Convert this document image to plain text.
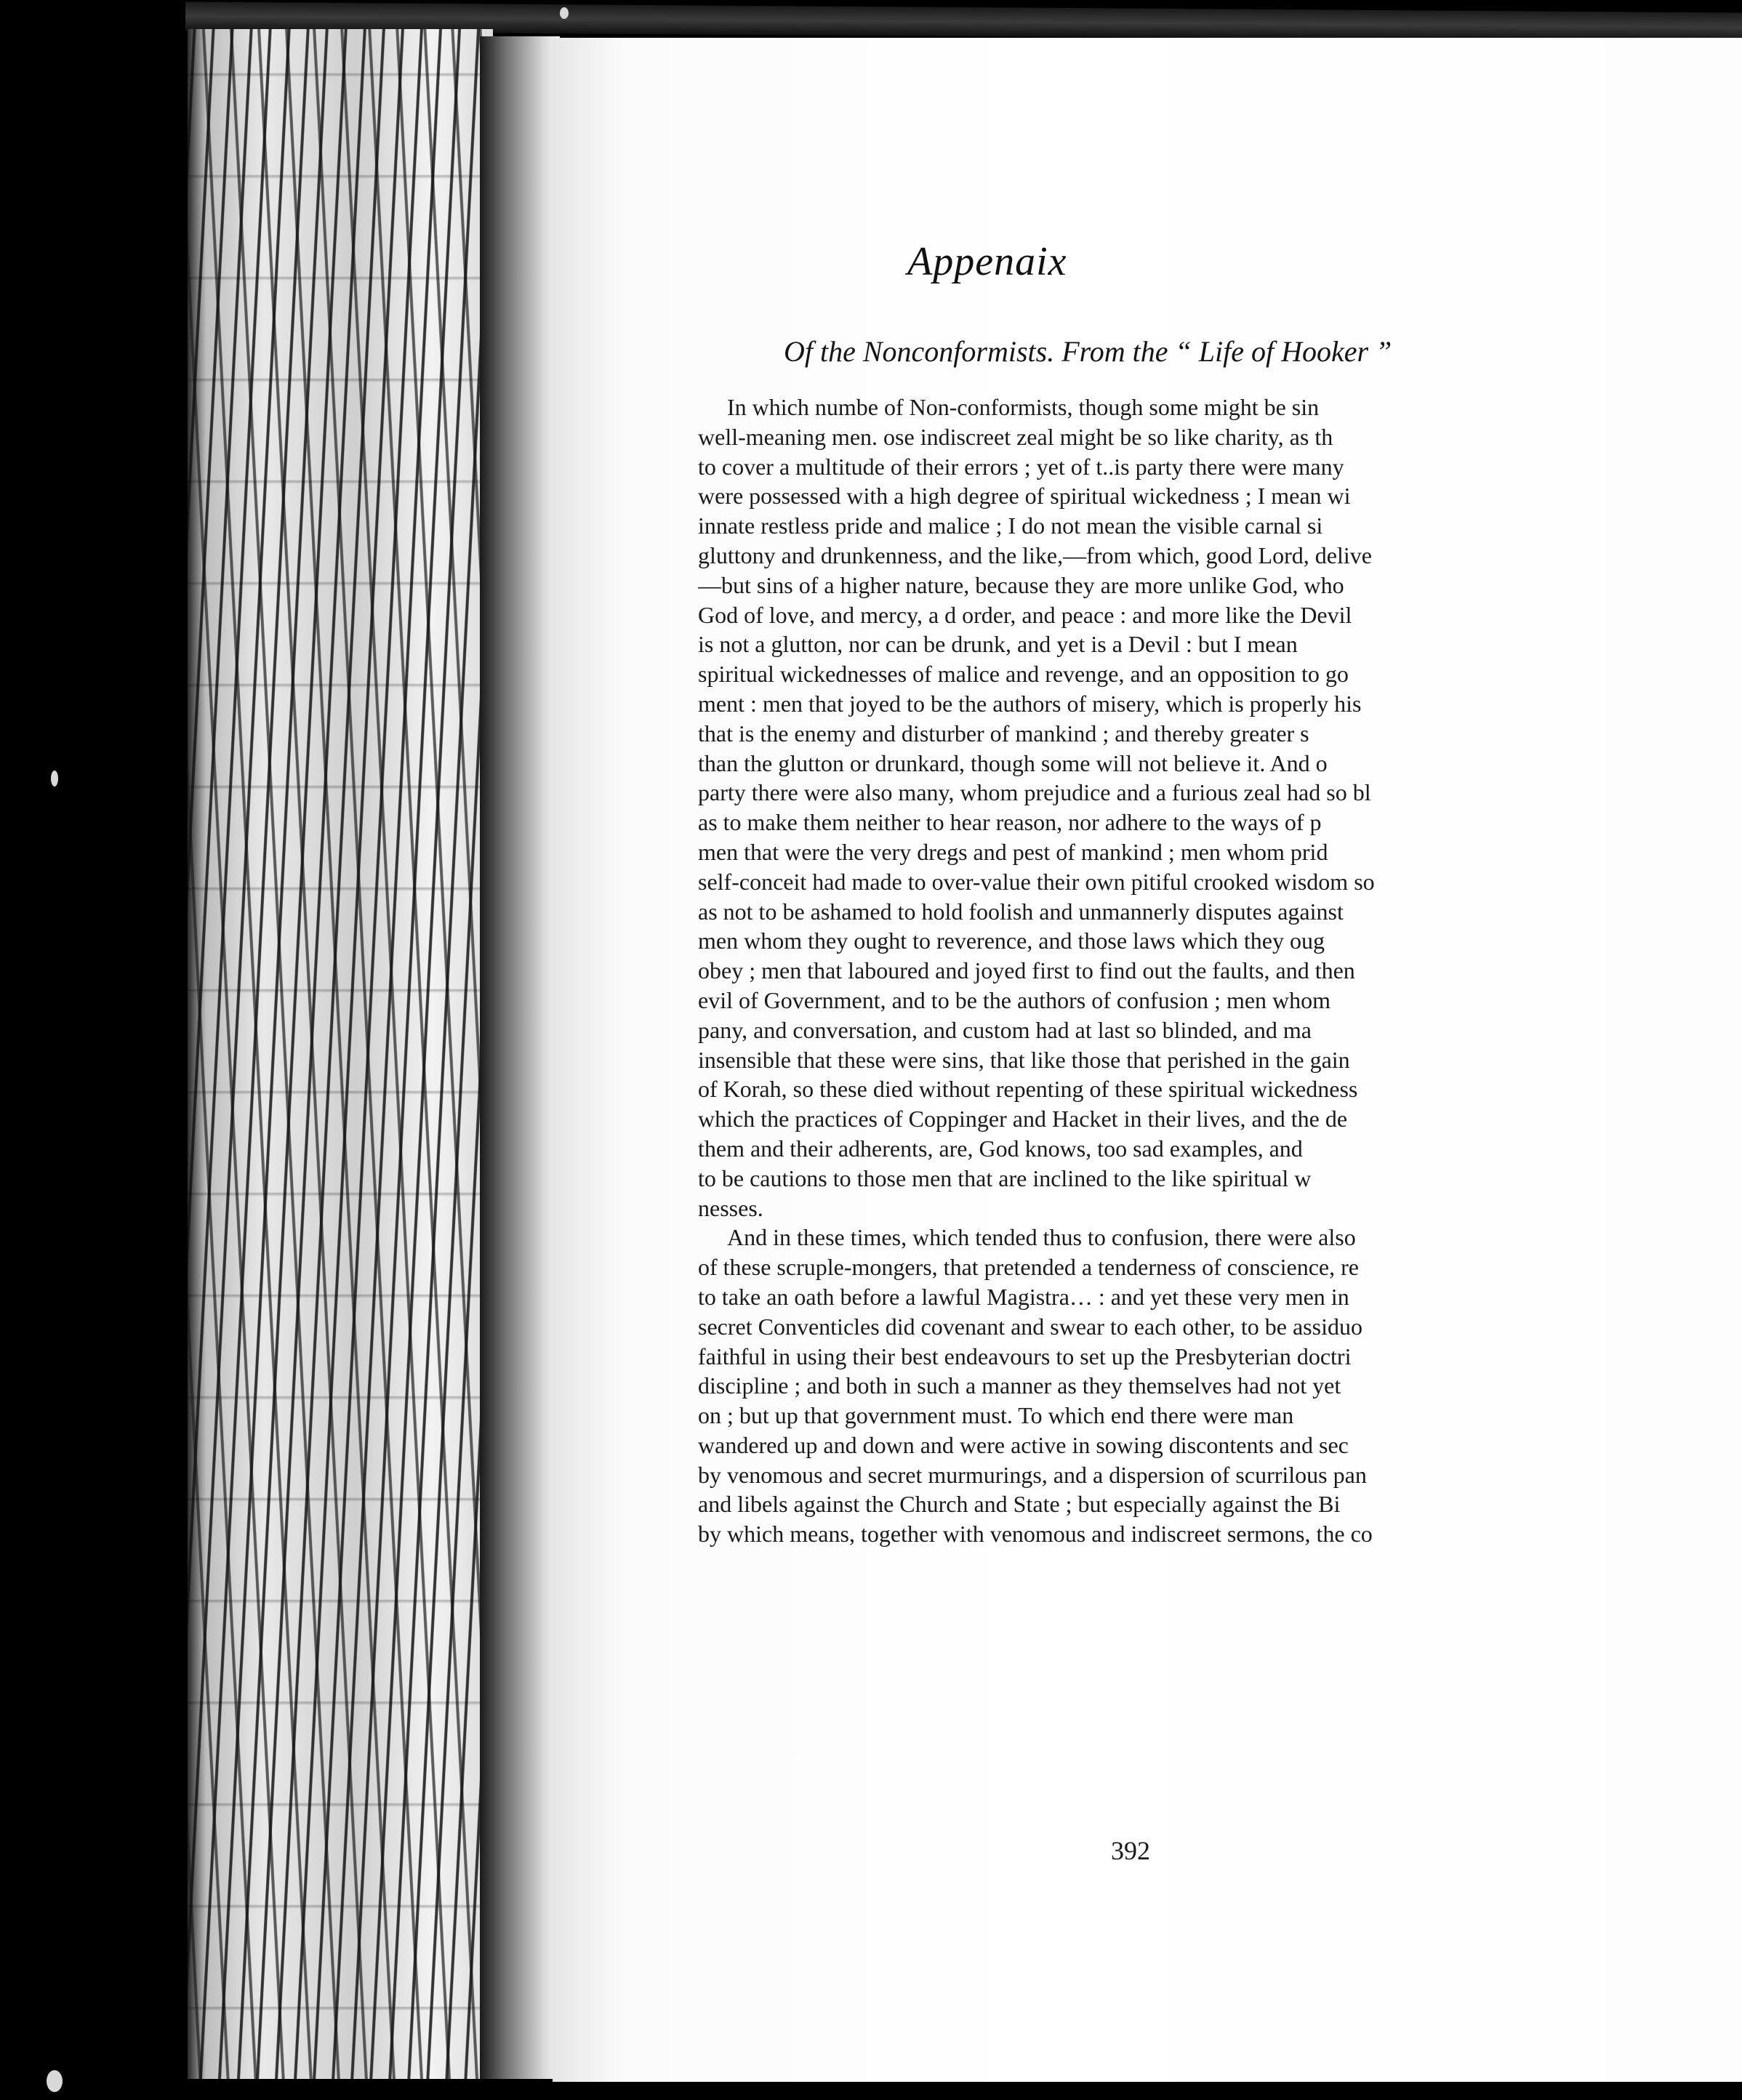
Appenaix
Of the Nonconformists. From the “ Life of Hooker ”
In which numbe of Non-conformists, though some might be sin
well-meaning men. ose indiscreet zeal might be so like charity, as th
to cover a multitude of their errors ; yet of t..is party there were many
were possessed with a high degree of spiritual wickedness ; I mean wi
innate restless pride and malice ; I do not mean the visible carnal si
gluttony and drunkenness, and the like,—from which, good Lord, delive
—but sins of a higher nature, because they are more unlike God, who
God of love, and mercy, a d order, and peace : and more like the Devil
is not a glutton, nor can be drunk, and yet is a Devil : but I mean
spiritual wickednesses of malice and revenge, and an opposition to go
ment : men that joyed to be the authors of misery, which is properly his
that is the enemy and disturber of mankind ; and thereby greater s
than the glutton or drunkard, though some will not believe it. And o
party there were also many, whom prejudice and a furious zeal had so bl
as to make them neither to hear reason, nor adhere to the ways of p
men that were the very dregs and pest of mankind ; men whom prid
self-conceit had made to over-value their own pitiful crooked wisdom so
as not to be ashamed to hold foolish and unmannerly disputes against
men whom they ought to reverence, and those laws which they oug
obey ; men that laboured and joyed first to find out the faults, and then
evil of Government, and to be the authors of confusion ; men whom
pany, and conversation, and custom had at last so blinded, and ma
insensible that these were sins, that like those that perished in the gain
of Korah, so these died without repenting of these spiritual wickedness
which the practices of Coppinger and Hacket in their lives, and the de
them and their adherents, are, God knows, too sad examples, and
to be cautions to those men that are inclined to the like spiritual w
nesses.
And in these times, which tended thus to confusion, there were also
of these scruple-mongers, that pretended a tenderness of conscience, re
to take an oath before a lawful Magistra… : and yet these very men in
secret Conventicles did covenant and swear to each other, to be assiduo
faithful in using their best endeavours to set up the Presbyterian doctri
discipline ; and both in such a manner as they themselves had not yet
on ; but up that government must. To which end there were man
wandered up and down and were active in sowing discontents and sec
by venomous and secret murmurings, and a dispersion of scurrilous pan
and libels against the Church and State ; but especially against the Bi
by which means, together with venomous and indiscreet sermons, the co
392
